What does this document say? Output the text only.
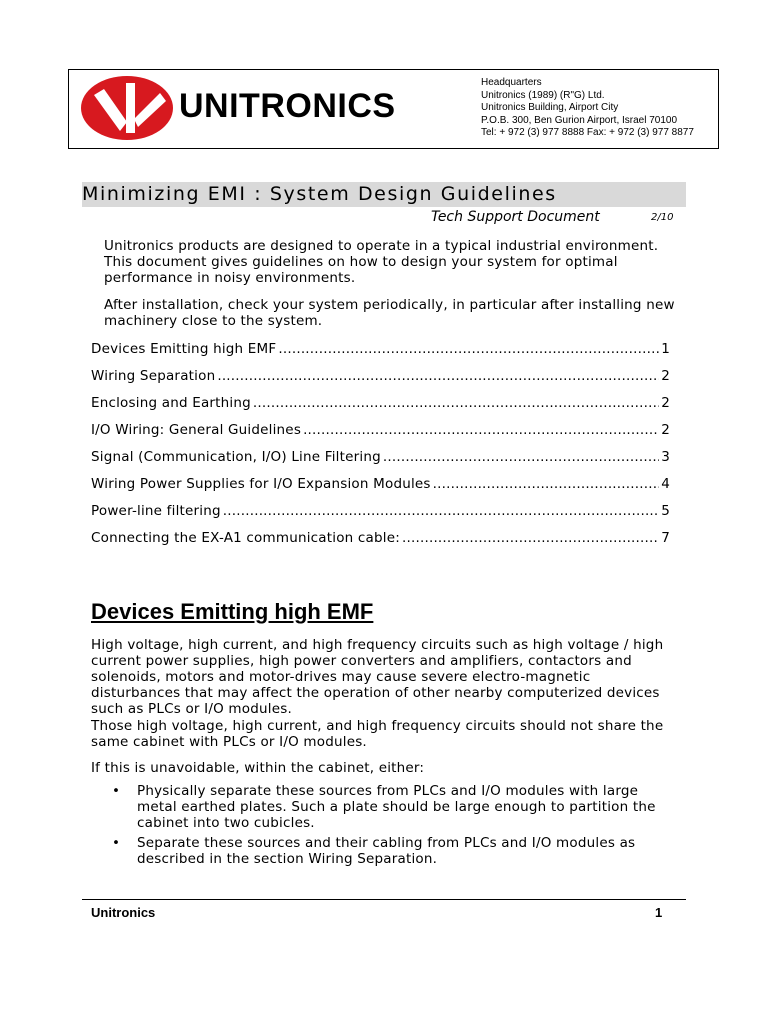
UNITRONICS
Headquarters
Unitronics (1989) (R"G) Ltd.
Unitronics Building, Airport City
P.O.B. 300, Ben Gurion Airport, Israel 70100
Tel: + 972 (3) 977 8888 Fax: + 972 (3) 977 8877
Minimizing EMI : System Design Guidelines
Tech Support Document	2/10
Unitronics products are designed to operate in a typical industrial environment. This document gives guidelines on how to design your system for optimal performance in noisy environments.
After installation, check your system periodically, in particular after installing new machinery close to the system.
Devices Emitting high EMF .....	1
Wiring Separation .....	2
Enclosing and Earthing .....	2
I/O Wiring: General Guidelines .....	2
Signal (Communication, I/O) Line Filtering .....	3
Wiring Power Supplies for I/O Expansion Modules .....	4
Power-line filtering .....	5
Connecting the EX-A1 communication cable: .....	7
Devices Emitting high EMF
High voltage, high current, and high frequency circuits such as high voltage / high current power supplies, high power converters and amplifiers, contactors and solenoids, motors and motor-drives may cause severe electro-magnetic disturbances that may affect the operation of other nearby computerized devices such as PLCs or I/O modules.
Those high voltage, high current, and high frequency circuits should not share the same cabinet with PLCs or I/O modules.
If this is unavoidable, within the cabinet, either:
•	Physically separate these sources from PLCs and I/O modules with large metal earthed plates. Such a plate should be large enough to partition the cabinet into two cubicles.
•	Separate these sources and their cabling from PLCs and I/O modules as described in the section Wiring Separation.
Unitronics	1
